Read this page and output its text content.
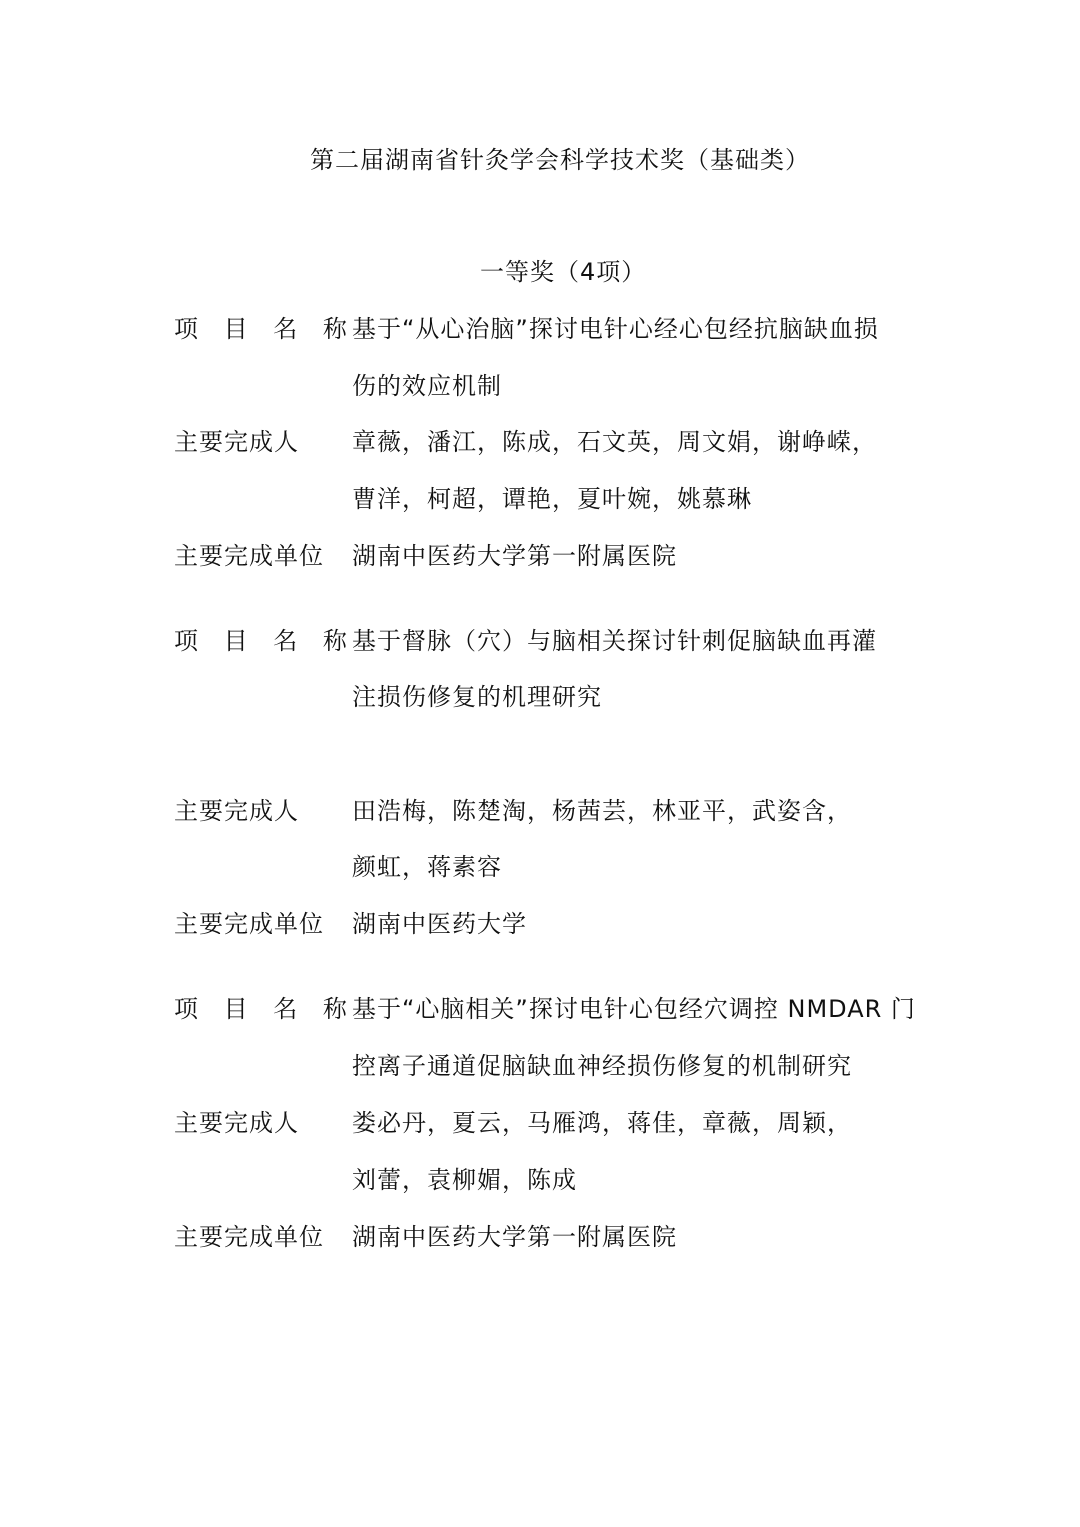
第二届湖南省针灸学会科学技术奖（基础类）
一等奖（4项）
项 目 名 称
基于“从心治脑”探讨电针心经心包经抗脑缺血损
伤的效应机制
主要完成人 章薇，潘江，陈成，石文英，周文娟，谢峥嵘，
曹洋，柯超，谭艳，夏叶婉，姚慕琳
主要完成单位 湖南中医药大学第一附属医院
项 目 名 称
基于督脉（穴）与脑相关探讨针刺促脑缺血再灌
注损伤修复的机理研究
主要完成人 田浩梅，陈楚淘，杨茜芸，林亚平，武姿含，
颜虹，蒋素容
主要完成单位 湖南中医药大学
项 目 名 称
基于“心脑相关”探讨电针心包经穴调控 NMDAR 门
控离子通道促脑缺血神经损伤修复的机制研究
主要完成人 娄必丹，夏云，马雁鸿，蒋佳，章薇，周颖，
刘蕾，袁柳媚，陈成
主要完成单位 湖南中医药大学第一附属医院
